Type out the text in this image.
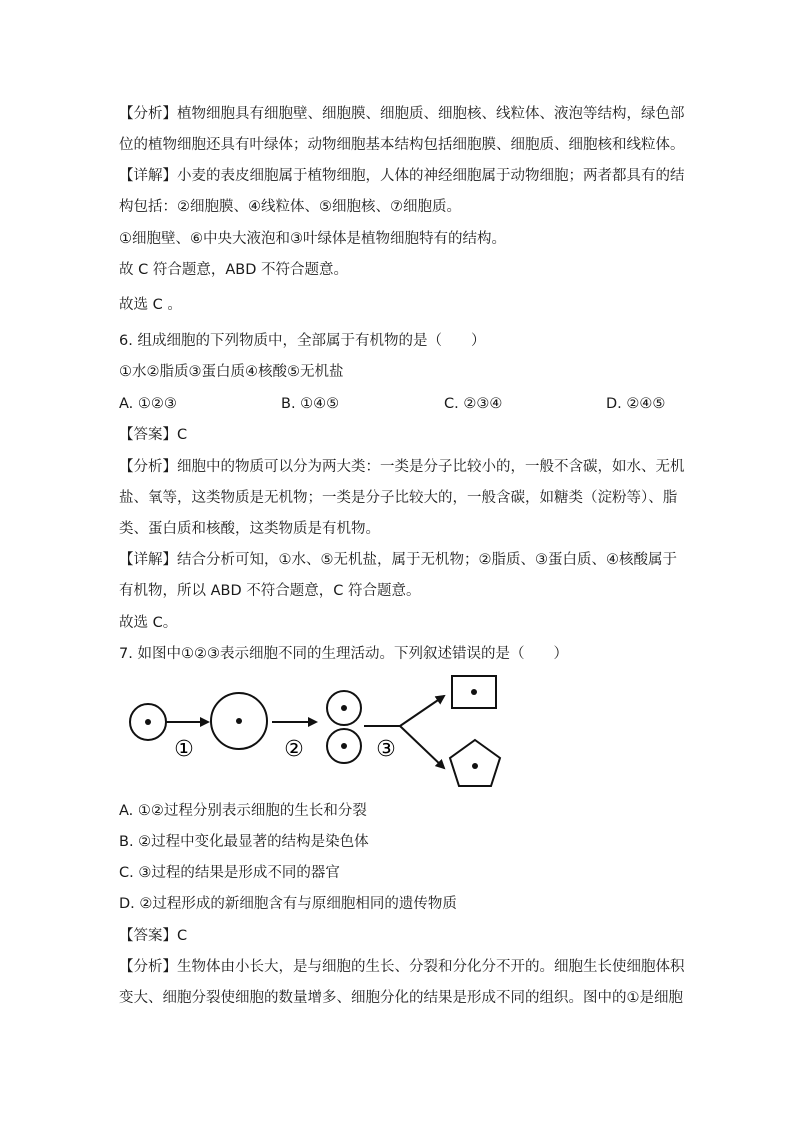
【分析】植物细胞具有细胞壁、细胞膜、细胞质、细胞核、线粒体、液泡等结构，绿色部
位的植物细胞还具有叶绿体；动物细胞基本结构包括细胞膜、细胞质、细胞核和线粒体。
【详解】小麦的表皮细胞属于植物细胞，人体的神经细胞属于动物细胞；两者都具有的结
构包括：②细胞膜、④线粒体、⑤细胞核、⑦细胞质。
①细胞壁、⑥中央大液泡和③叶绿体是植物细胞特有的结构。
故 C 符合题意，ABD 不符合题意。
故选 C 。
6. 组成细胞的下列物质中，全部属于有机物的是（　　）
①水②脂质③蛋白质④核酸⑤无机盐
A. ①②③	B. ①④⑤	C. ②③④	D. ②④⑤
【答案】C
【分析】细胞中的物质可以分为两大类：一类是分子比较小的，一般不含碳，如水、无机
盐、氧等，这类物质是无机物；一类是分子比较大的，一般含碳，如糖类（淀粉等）、脂
类、蛋白质和核酸，这类物质是有机物。
【详解】结合分析可知，①水、⑤无机盐，属于无机物；②脂质、③蛋白质、④核酸属于
有机物，所以 ABD 不符合题意，C 符合题意。
故选 C。
7. 如图中①②③表示细胞不同的生理活动。下列叙述错误的是（　　）
①	②	③
A. ①②过程分别表示细胞的生长和分裂
B. ②过程中变化最显著的结构是染色体
C. ③过程的结果是形成不同的器官
D. ②过程形成的新细胞含有与原细胞相同的遗传物质
【答案】C
【分析】生物体由小长大，是与细胞的生长、分裂和分化分不开的。细胞生长使细胞体积
变大、细胞分裂使细胞的数量增多、细胞分化的结果是形成不同的组织。图中的①是细胞
